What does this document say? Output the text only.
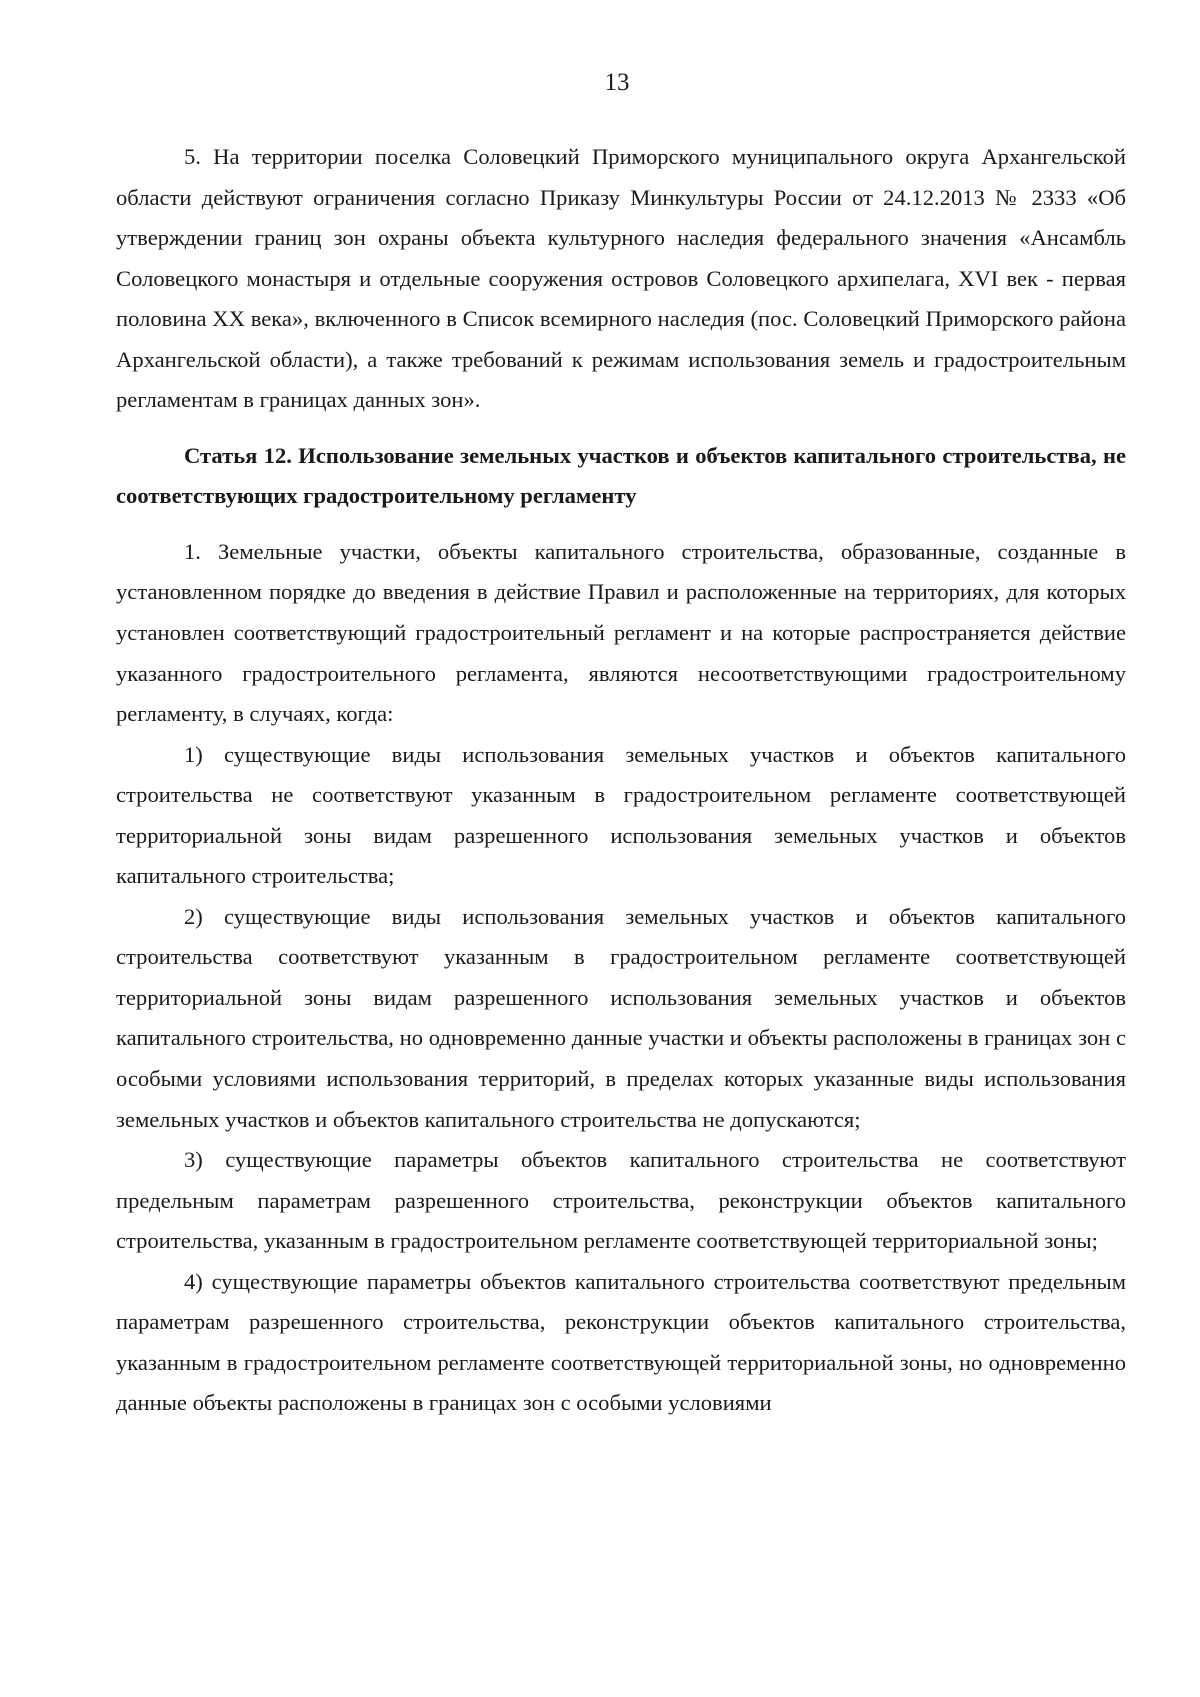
13

5. На территории поселка Соловецкий Приморского муниципального округа Архангельской области действуют ограничения согласно Приказу Минкультуры России от 24.12.2013 № 2333 «Об утверждении границ зон охраны объекта культурного наследия федерального значения «Ансамбль Соловецкого монастыря и отдельные сооружения островов Соловецкого архипелага, XVI век - первая половина XX века», включенного в Список всемирного наследия (пос. Соловецкий Приморского района Архангельской области), а также требований к режимам использования земель и градостроительным регламентам в границах данных зон».

Статья 12. Использование земельных участков и объектов капитального строительства, не соответствующих градостроительному регламенту

1. Земельные участки, объекты капитального строительства, образованные, созданные в установленном порядке до введения в действие Правил и расположенные на территориях, для которых установлен соответствующий градостроительный регламент и на которые распространяется действие указанного градостроительного регламента, являются несоответствующими градостроительному регламенту, в случаях, когда:

1) существующие виды использования земельных участков и объектов капитального строительства не соответствуют указанным в градостроительном регламенте соответствующей территориальной зоны видам разрешенного использования земельных участков и объектов капитального строительства;

2) существующие виды использования земельных участков и объектов капитального строительства соответствуют указанным в градостроительном регламенте соответствующей территориальной зоны видам разрешенного использования земельных участков и объектов капитального строительства, но одновременно данные участки и объекты расположены в границах зон с особыми условиями использования территорий, в пределах которых указанные виды использования земельных участков и объектов капитального строительства не допускаются;

3) существующие параметры объектов капитального строительства не соответствуют предельным параметрам разрешенного строительства, реконструкции объектов капитального строительства, указанным в градостроительном регламенте соответствующей территориальной зоны;

4) существующие параметры объектов капитального строительства соответствуют предельным параметрам разрешенного строительства, реконструкции объектов капитального строительства, указанным в градостроительном регламенте соответствующей территориальной зоны, но одновременно данные объекты расположены в границах зон с особыми условиями
